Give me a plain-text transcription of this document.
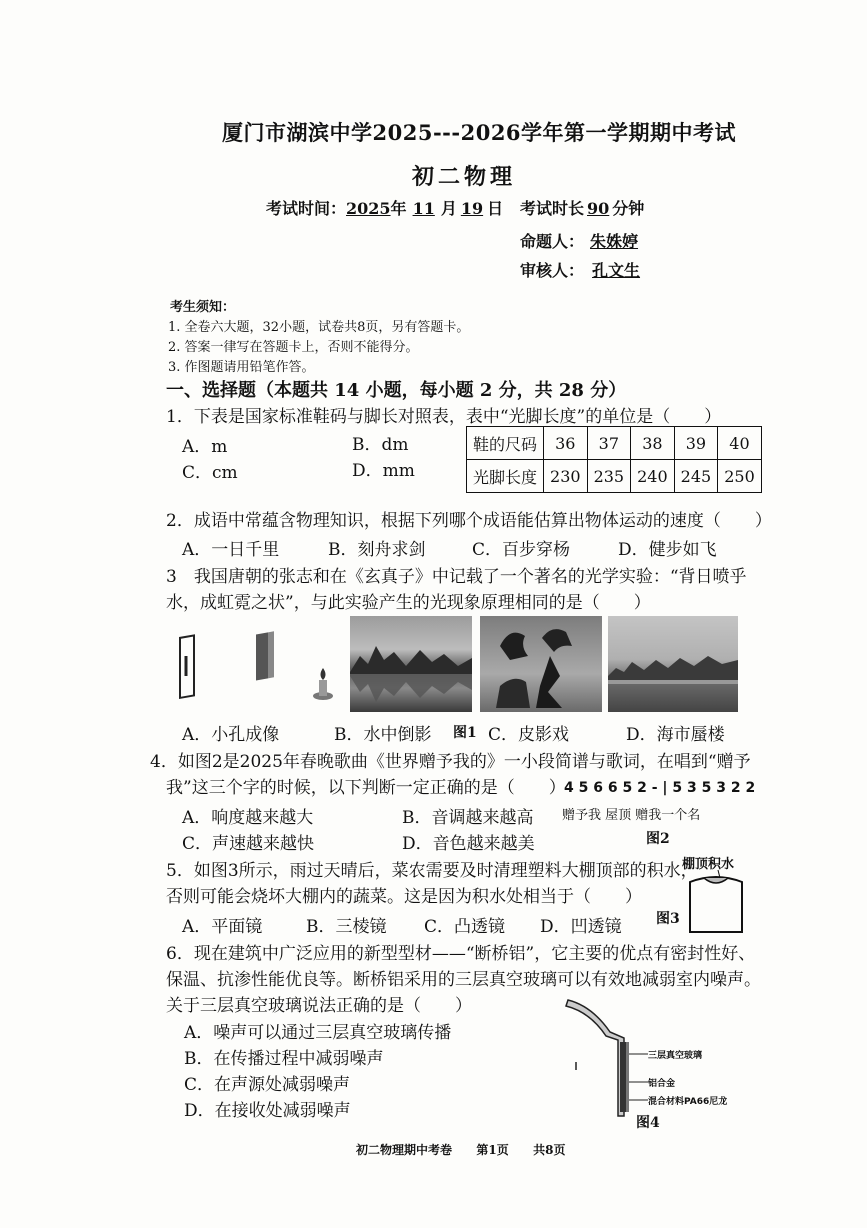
厦门市湖滨中学2025---2026学年第一学期期中考试
初二物理
考试时间：2025年 11 月 19 日 考试时长 90 分钟
命题人： 朱姝婷
审核人： 孔文生
考生须知：
1. 全卷六大题，32小题，试卷共8页，另有答题卡。
2. 答案一律写在答题卡上，否则不能得分。
3. 作图题请用铅笔作答。
一、选择题（本题共 14 小题，每小题 2 分，共 28 分）
1．下表是国家标准鞋码与脚长对照表，表中“光脚长度”的单位是（　　）
A．m	B．dm
C．cm	D．mm
鞋的尺码	36	37	38	39	40
光脚长度	230	235	240	245	250
2．成语中常蕴含物理知识，根据下列哪个成语能估算出物体运动的速度（　　）
A．一日千里	B．刻舟求剑	C．百步穿杨	D．健步如飞
3　我国唐朝的张志和在《玄真子》中记载了一个著名的光学实验：“背日喷乎
水，成虹霓之状”，与此实验产生的光现象原理相同的是（　　）
A．小孔成像	B．水中倒影 图1 C．皮影戏	D．海市蜃楼
4．如图2是2025年春晚歌曲《世界赠予我的》一小段简谱与歌词，在唱到“赠予
我”这三个字的时候，以下判断一定正确的是（　　）
4 5 6 6 5 2 - | 5 3 5 3 2 2
赠予我 屋顶 赠我一个名
图2
A．响度越来越大	B．音调越来越高
C．声速越来越快	D．音色越来越美
5．如图3所示，雨过天晴后，菜农需要及时清理塑料大棚顶部的积水，
否则可能会烧坏大棚内的蔬菜。这是因为积水处相当于（　　）
棚顶积水
图3
A．平面镜	B．三棱镜 C．凸透镜 D．凹透镜
6．现在建筑中广泛应用的新型型材——“断桥铝”，它主要的优点有密封性好、
保温、抗渗性能优良等。断桥铝采用的三层真空玻璃可以有效地减弱室内噪声。
关于三层真空玻璃说法正确的是（　　）
A．噪声可以通过三层真空玻璃传播
B．在传播过程中减弱噪声
C．在声源处减弱噪声
D．在接收处减弱噪声
三层真空玻璃
铝合金
混合材料PA66尼龙
图4
初二物理期中考卷 第1页 共8页
